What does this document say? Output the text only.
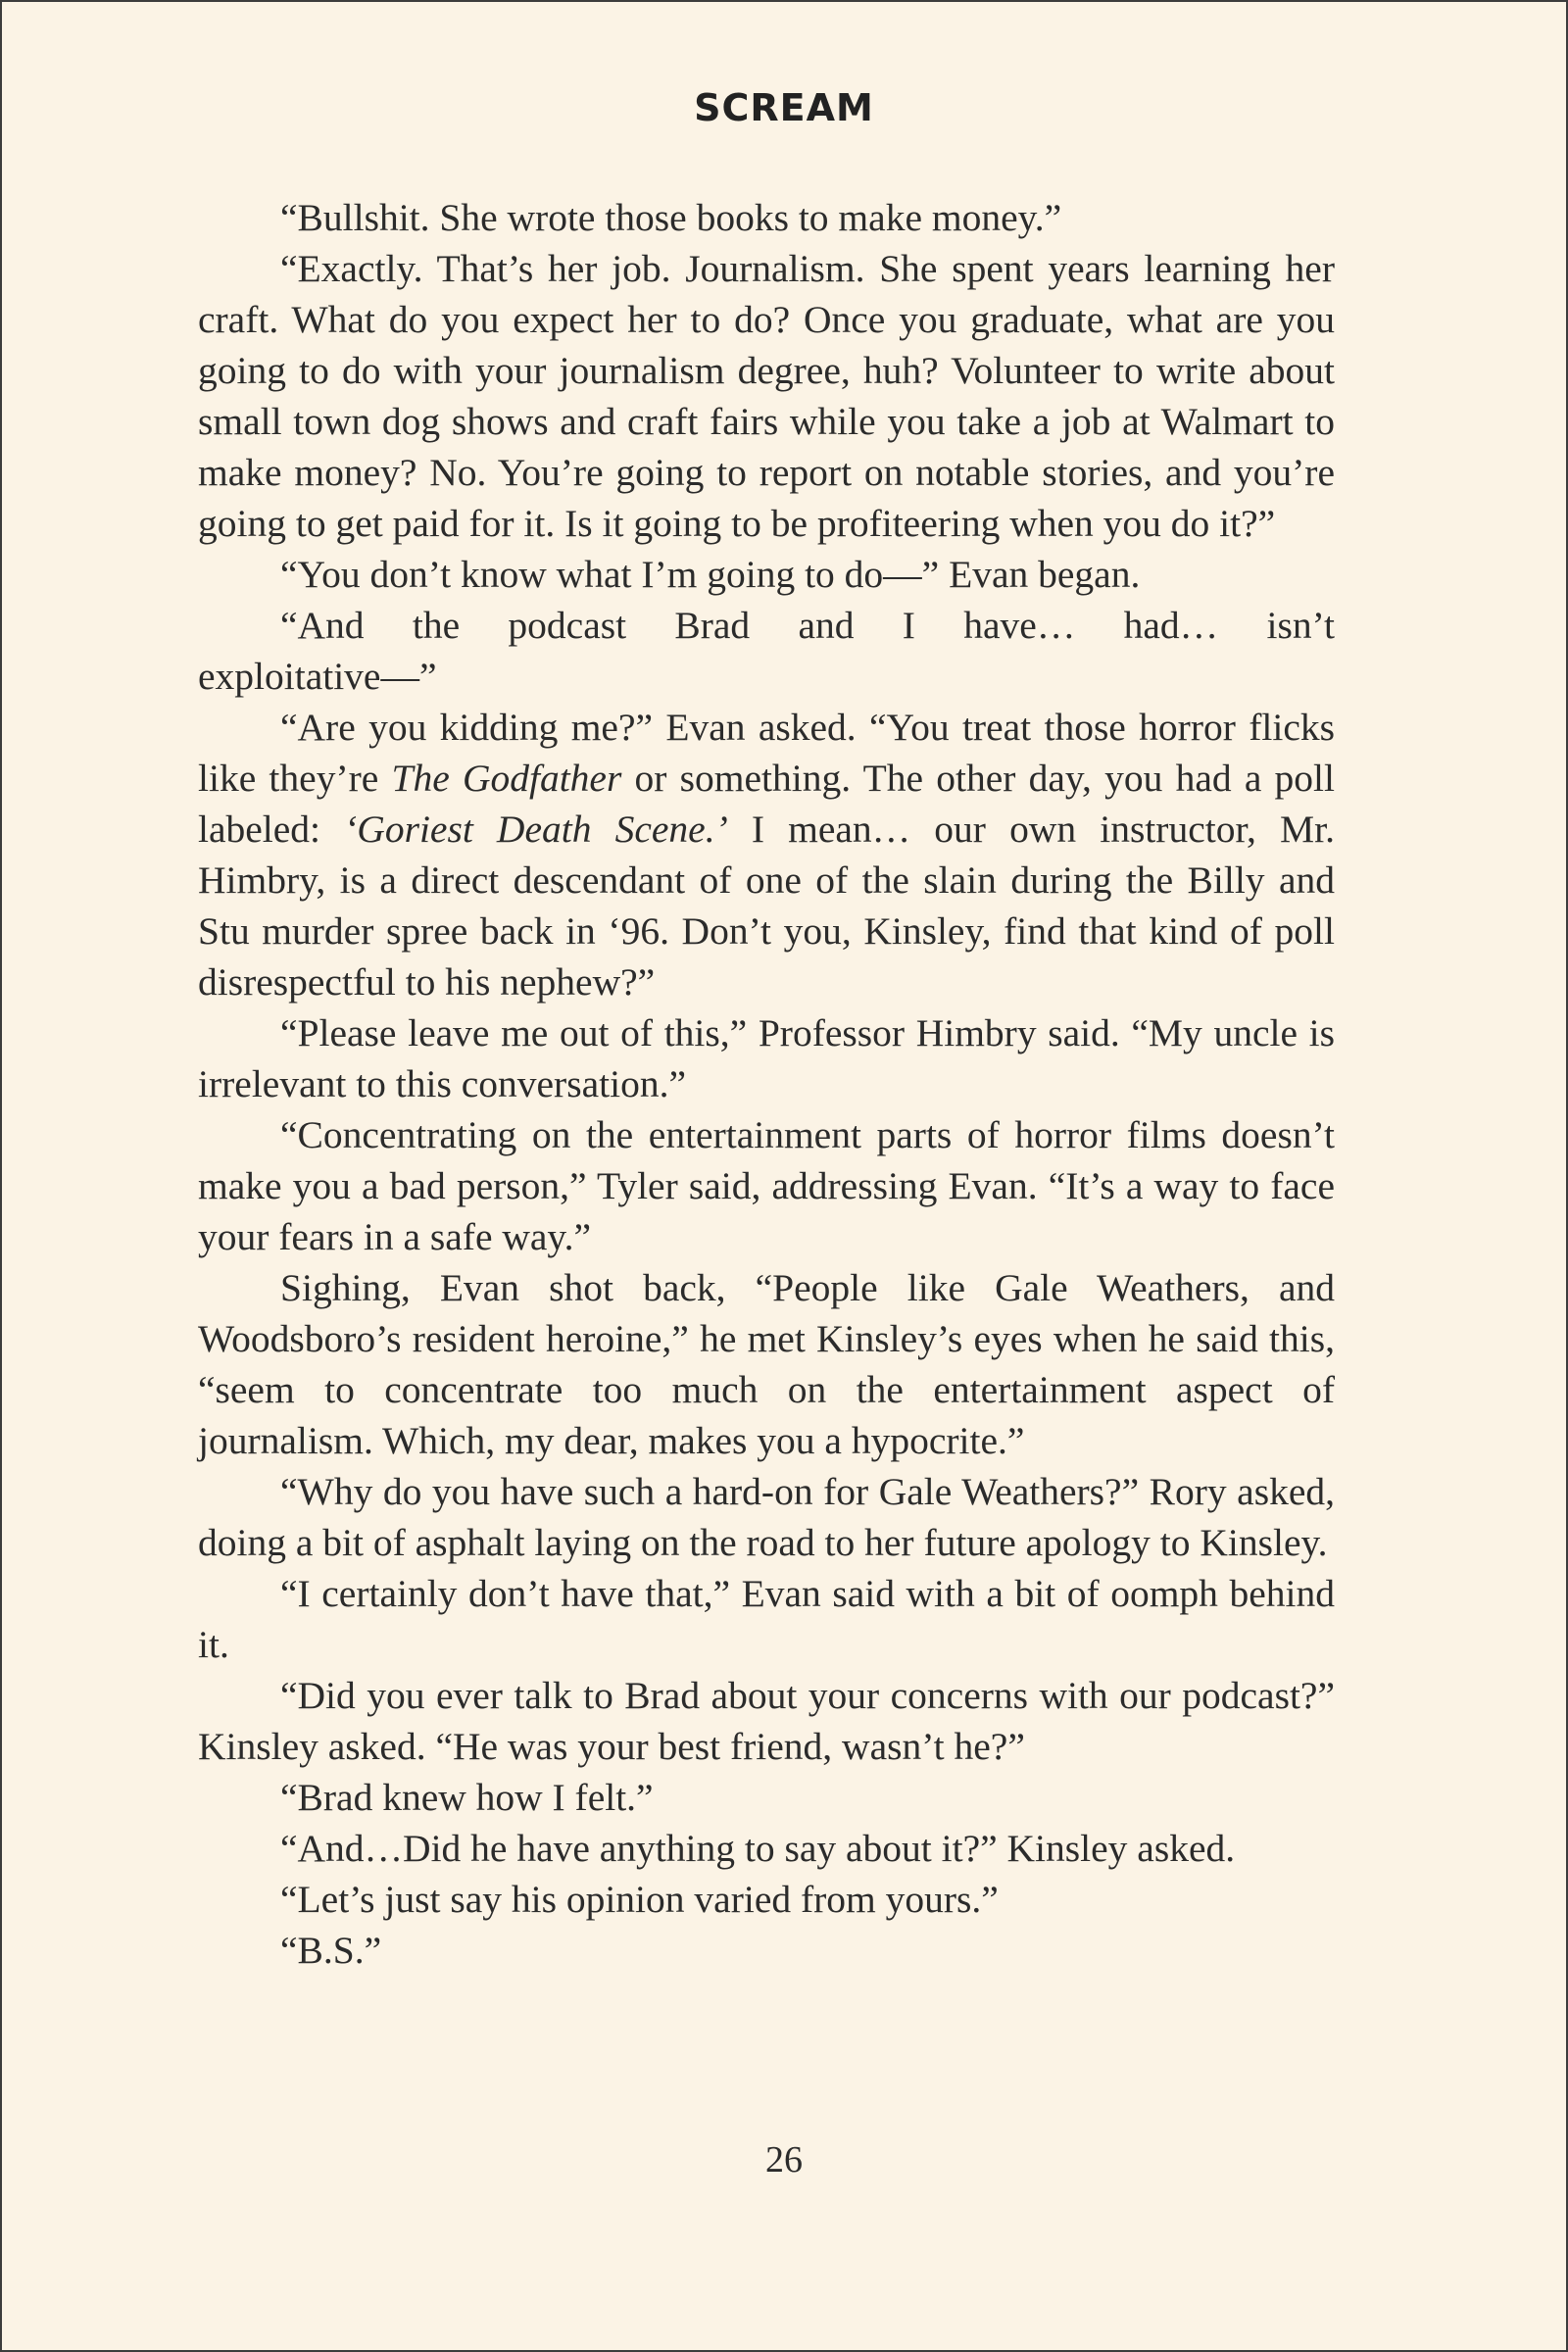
SCREAM

“Bullshit. She wrote those books to make money.”

“Exactly. That’s her job. Journalism. She spent years learning her craft. What do you expect her to do? Once you graduate, what are you going to do with your journalism degree, huh? Volunteer to write about small town dog shows and craft fairs while you take a job at Walmart to make money? No. You’re going to report on notable stories, and you’re going to get paid for it. Is it going to be profiteering when you do it?”

“You don’t know what I’m going to do—” Evan began.

“And the podcast Brad and I have… had… isn’t

exploitative—”

“Are you kidding me?” Evan asked. “You treat those horror flicks like they’re The Godfather or something. The other day, you had a poll labeled: ‘Goriest Death Scene.’ I mean… our own instructor, Mr. Himbry, is a direct descendant of one of the slain during the Billy and Stu murder spree back in ‘96. Don’t you, Kinsley, find that kind of poll disrespectful to his nephew?”

“Please leave me out of this,” Professor Himbry said. “My uncle is irrelevant to this conversation.”

“Concentrating on the entertainment parts of horror films doesn’t make you a bad person,” Tyler said, addressing Evan. “It’s a way to face your fears in a safe way.”

Sighing, Evan shot back, “People like Gale Weathers, and Woodsboro’s resident heroine,” he met Kinsley’s eyes when he said this, “seem to concentrate too much on the entertainment aspect of journalism. Which, my dear, makes you a hypocrite.”

“Why do you have such a hard-on for Gale Weathers?” Rory asked, doing a bit of asphalt laying on the road to her future apology to Kinsley.

“I certainly don’t have that,” Evan said with a bit of oomph behind it.

“Did you ever talk to Brad about your concerns with our podcast?” Kinsley asked. “He was your best friend, wasn’t he?”

“Brad knew how I felt.”

“And…Did he have anything to say about it?” Kinsley asked.

“Let’s just say his opinion varied from yours.”

“B.S.”

26
